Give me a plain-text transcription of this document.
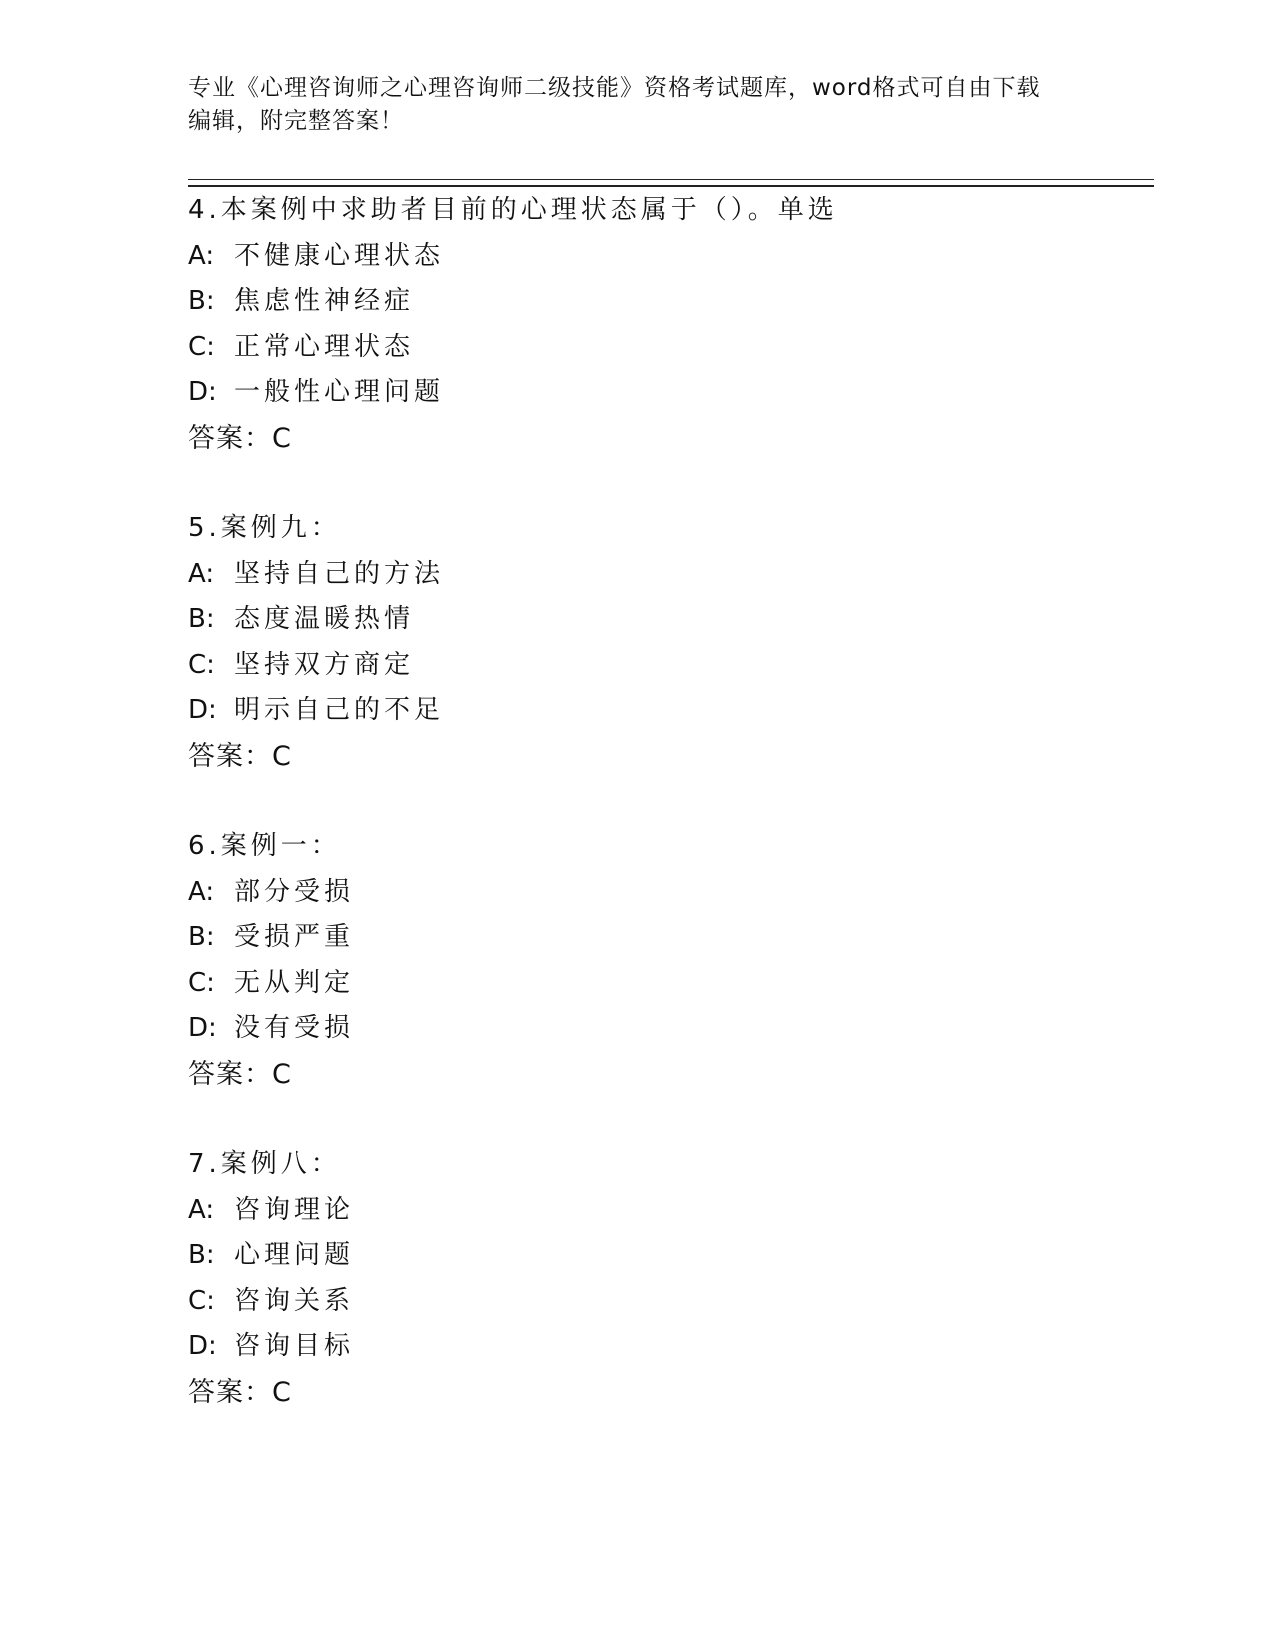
专业《心理咨询师之心理咨询师二级技能》资格考试题库，word格式可自由下载
编辑，附完整答案！
4.本案例中求助者目前的心理状态属于（）。单选
A: 不健康心理状态
B: 焦虑性神经症
C: 正常心理状态
D: 一般性心理问题
答案：C
5.案例九：
A: 坚持自己的方法
B: 态度温暖热情
C: 坚持双方商定
D: 明示自己的不足
答案：C
6.案例一：
A: 部分受损
B: 受损严重
C: 无从判定
D: 没有受损
答案：C
7.案例八：
A: 咨询理论
B: 心理问题
C: 咨询关系
D: 咨询目标
答案：C
